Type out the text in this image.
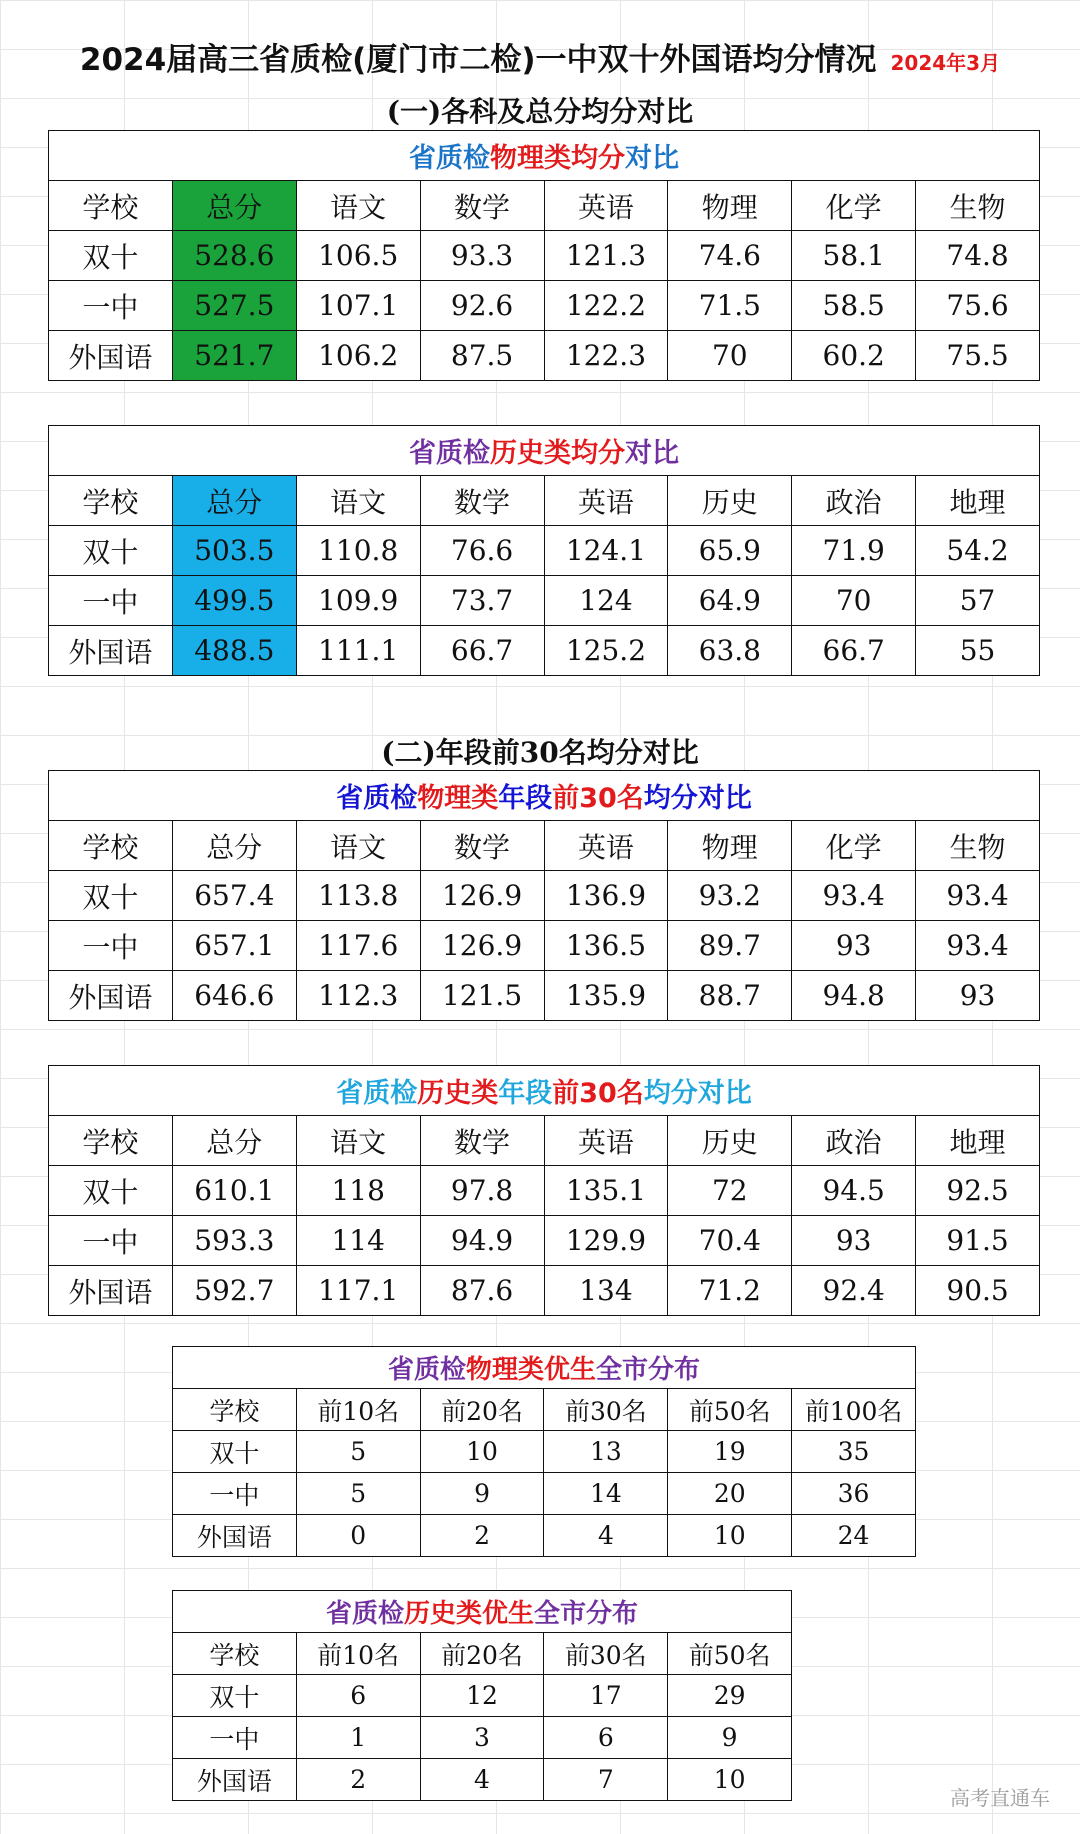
2024届高三省质检(厦门市二检)一中双十外国语均分情况 2024年3月
(一)各科及总分均分对比
省质检物理类均分对比							
学校	总分	语文	数学	英语	物理	化学	生物
双十	528.6	106.5	93.3	121.3	74.6	58.1	74.8
一中	527.5	107.1	92.6	122.2	71.5	58.5	75.6
外国语	521.7	106.2	87.5	122.3	70	60.2	75.5
省质检历史类均分对比							
学校	总分	语文	数学	英语	历史	政治	地理
双十	503.5	110.8	76.6	124.1	65.9	71.9	54.2
一中	499.5	109.9	73.7	124	64.9	70	57
外国语	488.5	111.1	66.7	125.2	63.8	66.7	55
(二)年段前30名均分对比
省质检物理类年段前30名均分对比							
学校	总分	语文	数学	英语	物理	化学	生物
双十	657.4	113.8	126.9	136.9	93.2	93.4	93.4
一中	657.1	117.6	126.9	136.5	89.7	93	93.4
外国语	646.6	112.3	121.5	135.9	88.7	94.8	93
省质检历史类年段前30名均分对比							
学校	总分	语文	数学	英语	历史	政治	地理
双十	610.1	118	97.8	135.1	72	94.5	92.5
一中	593.3	114	94.9	129.9	70.4	93	91.5
外国语	592.7	117.1	87.6	134	71.2	92.4	90.5
省质检物理类优生全市分布					
学校	前10名	前20名	前30名	前50名	前100名
双十	5	10	13	19	35
一中	5	9	14	20	36
外国语	0	2	4	10	24
省质检历史类优生全市分布				
学校	前10名	前20名	前30名	前50名
双十	6	12	17	29
一中	1	3	6	9
外国语	2	4	7	10
高考直通车
